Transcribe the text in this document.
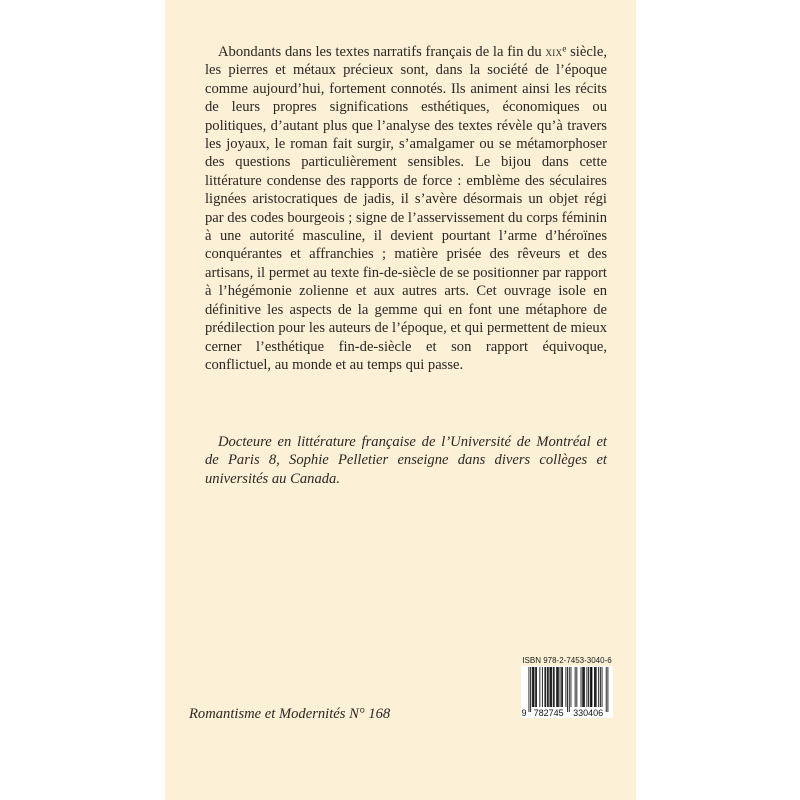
Abondants dans les textes narratifs français de la fin du xix$^e$ siècle, les pierres et métaux précieux sont, dans la société de l’époque comme aujourd’hui, fortement connotés. Ils animent ainsi les récits de leurs propres significations esthétiques, économiques ou politiques, d’autant plus que l’analyse des textes révèle qu’à travers les joyaux, le roman fait surgir, s’amalgamer ou se métamorphoser des questions particulièrement sensibles. Le bijou dans cette littérature condense des rapports de force : emblème des séculaires lignées aristocratiques de jadis, il s’avère désormais un objet régi par des codes bourgeois ; signe de l’asservissement du corps féminin à une autorité masculine, il devient pourtant l’arme d’héroïnes conquérantes et affranchies ; matière prisée des rêveurs et des artisans, il permet au texte fin-de-siècle de se positionner par rapport à l’hégémonie zolienne et aux autres arts. Cet ouvrage isole en définitive les aspects de la gemme qui en font une métaphore de prédilection pour les auteurs de l’époque, et qui permettent de mieux cerner l’esthétique fin-de-siècle et son rapport équivoque, conflictuel, au monde et au temps qui passe.
Docteure en littérature française de l’Université de Montréal et de Paris 8, Sophie Pelletier enseigne dans divers collèges et universités au Canada.
Romantisme et Modernités N° 168
ISBN 978-2-7453-3040-6
9 782745 330406
